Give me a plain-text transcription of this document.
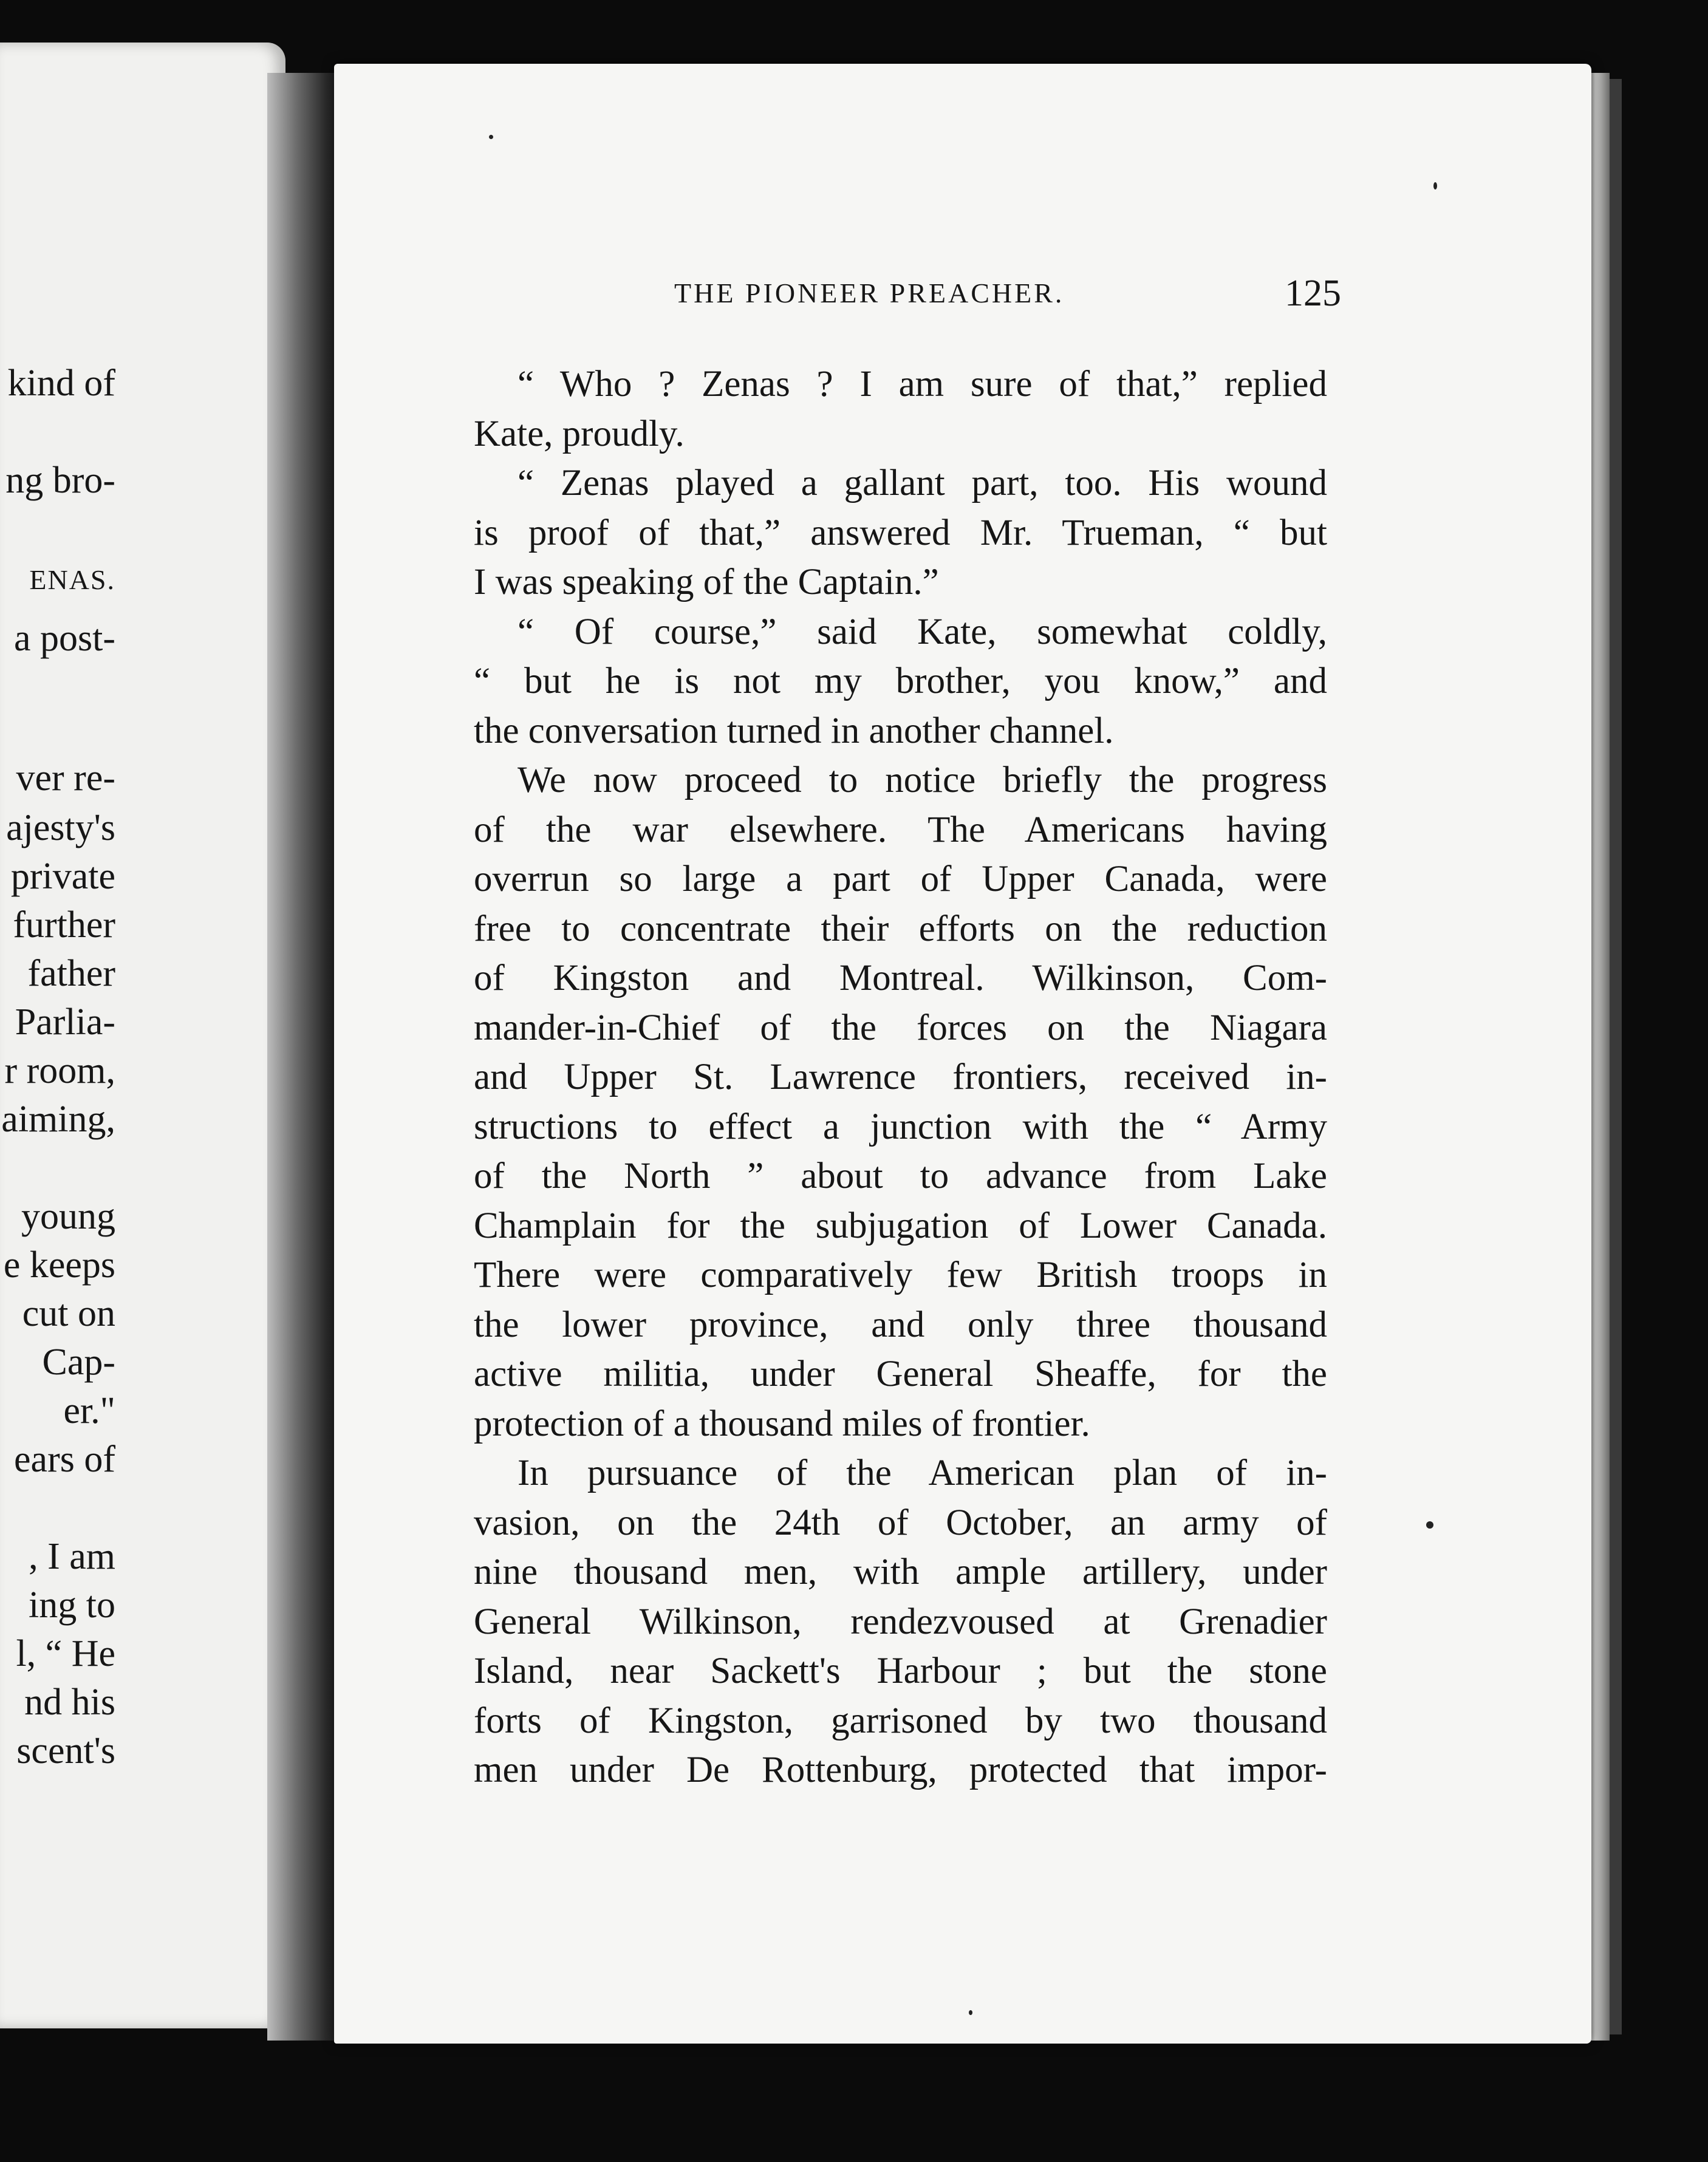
kind of
ng bro-
ENAS.
a post-
ver re-
ajesty's
private
further
father
Parlia-
r room,
aiming,
young
e keeps
cut on
Cap-
er."
ears of
, I am
ing to
l, “ He
nd his
scent's
THE PIONEER PREACHER.	125
“ Who ? Zenas ? I am sure of that,” replied
Kate, proudly.
“ Zenas played a gallant part, too. His wound
is proof of that,” answered Mr. Trueman, “ but
I was speaking of the Captain.”
“ Of course,” said Kate, somewhat coldly,
“ but he is not my brother, you know,” and
the conversation turned in another channel.
We now proceed to notice briefly the progress
of the war elsewhere. The Americans having
overrun so large a part of Upper Canada, were
free to concentrate their efforts on the reduction
of Kingston and Montreal. Wilkinson, Com-
mander-in-Chief of the forces on the Niagara
and Upper St. Lawrence frontiers, received in-
structions to effect a junction with the “ Army
of the North ” about to advance from Lake
Champlain for the subjugation of Lower Canada.
There were comparatively few British troops in
the lower province, and only three thousand
active militia, under General Sheaffe, for the
protection of a thousand miles of frontier.
In pursuance of the American plan of in-
vasion, on the 24th of October, an army of
nine thousand men, with ample artillery, under
General Wilkinson, rendezvoused at Grenadier
Island, near Sackett's Harbour ; but the stone
forts of Kingston, garrisoned by two thousand
men under De Rottenburg, protected that impor-
